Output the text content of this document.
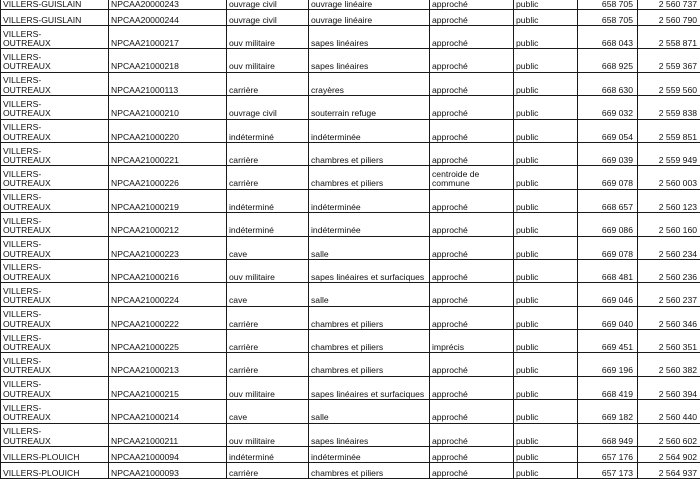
VILLERS-GUISLAIN	NPCAA20000243	ouvrage civil	ouvrage linéaire	approché	public	658 705	2 560 737

VILLERS-GUISLAIN	NPCAA20000244	ouvrage civil	ouvrage linéaire	approché	public	658 705	2 560 790

VILLERS-
OUTREAUX	NPCAA21000217	ouv militaire	sapes linéaires	approché	public	668 043	2 558 871

VILLERS-
OUTREAUX	NPCAA21000218	ouv militaire	sapes linéaires	approché	public	668 925	2 559 367

VILLERS-
OUTREAUX	NPCAA21000113	carrière	crayères	approché	public	668 630	2 559 560

VILLERS-
OUTREAUX	NPCAA21000210	ouvrage civil	souterrain refuge	approché	public	669 032	2 559 838

VILLERS-
OUTREAUX	NPCAA21000220	indéterminé	indéterminée	approché	public	669 054	2 559 851

VILLERS-
OUTREAUX	NPCAA21000221	carrière	chambres et piliers	approché	public	669 039	2 559 949

VILLERS-
OUTREAUX	NPCAA21000226	carrière	chambres et piliers	centroide de commune	public	669 078	2 560 003

VILLERS-
OUTREAUX	NPCAA21000219	indéterminé	indéterminée	approché	public	668 657	2 560 123

VILLERS-
OUTREAUX	NPCAA21000212	indéterminé	indéterminée	approché	public	669 086	2 560 160

VILLERS-
OUTREAUX	NPCAA21000223	cave	salle	approché	public	669 078	2 560 234

VILLERS-
OUTREAUX	NPCAA21000216	ouv militaire	sapes linéaires et surfaciques	approché	public	668 481	2 560 236

VILLERS-
OUTREAUX	NPCAA21000224	cave	salle	approché	public	669 046	2 560 237

VILLERS-
OUTREAUX	NPCAA21000222	carrière	chambres et piliers	approché	public	669 040	2 560 346

VILLERS-
OUTREAUX	NPCAA21000225	carrière	chambres et piliers	imprécis	public	669 451	2 560 351

VILLERS-
OUTREAUX	NPCAA21000213	carrière	chambres et piliers	approché	public	669 196	2 560 382

VILLERS-
OUTREAUX	NPCAA21000215	ouv militaire	sapes linéaires et surfaciques	approché	public	668 419	2 560 394

VILLERS-
OUTREAUX	NPCAA21000214	cave	salle	approché	public	669 182	2 560 440

VILLERS-
OUTREAUX	NPCAA21000211	ouv militaire	sapes linéaires	approché	public	668 949	2 560 602

VILLERS-PLOUICH	NPCAA21000094	indéterminé	indéterminée	approché	public	657 176	2 564 902

VILLERS-PLOUICH	NPCAA21000093	carrière	chambres et piliers	approché	public	657 173	2 564 937
